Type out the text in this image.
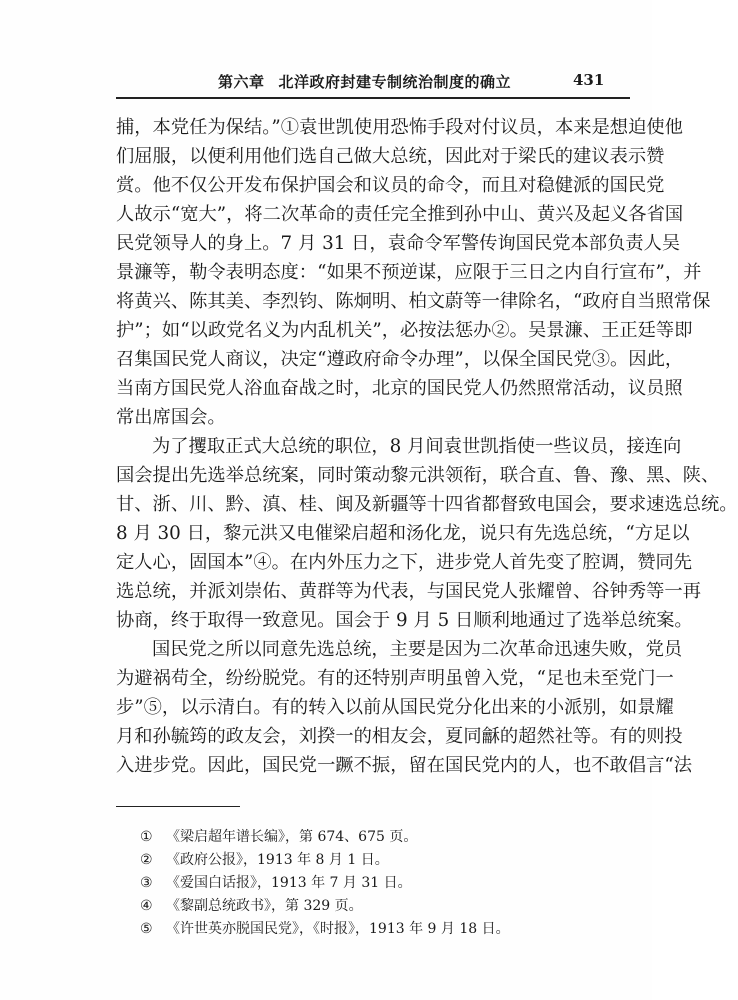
第六章 北洋政府封建专制统治制度的确立	431
捕，本党任为保结。”①袁世凯使用恐怖手段对付议员，本来是想迫使他
们屈服，以便利用他们选自己做大总统，因此对于梁氏的建议表示赞
赏。他不仅公开发布保护国会和议员的命令，而且对稳健派的国民党
人故示“宽大”，将二次革命的责任完全推到孙中山、黄兴及起义各省国
民党领导人的身上。7 月 31 日，袁命令军警传询国民党本部负责人吴
景濂等，勒令表明态度：“如果不预逆谋，应限于三日之内自行宣布”，并
将黄兴、陈其美、李烈钧、陈炯明、柏文蔚等一律除名，“政府自当照常保
护”；如“以政党名义为内乱机关”，必按法惩办②。吴景濂、王正廷等即
召集国民党人商议，决定“遵政府命令办理”，以保全国民党③。因此，
当南方国民党人浴血奋战之时，北京的国民党人仍然照常活动，议员照
常出席国会。
为了攫取正式大总统的职位，8 月间袁世凯指使一些议员，接连向
国会提出先选举总统案，同时策动黎元洪领衔，联合直、鲁、豫、黑、陕、
甘、浙、川、黔、滇、桂、闽及新疆等十四省都督致电国会，要求速选总统。
8 月 30 日，黎元洪又电催梁启超和汤化龙，说只有先选总统，“方足以
定人心，固国本”④。在内外压力之下，进步党人首先变了腔调，赞同先
选总统，并派刘崇佑、黄群等为代表，与国民党人张耀曾、谷钟秀等一再
协商，终于取得一致意见。国会于 9 月 5 日顺利地通过了选举总统案。
国民党之所以同意先选总统，主要是因为二次革命迅速失败，党员
为避祸苟全，纷纷脱党。有的还特别声明虽曾入党，“足也未至党门一
步”⑤，以示清白。有的转入以前从国民党分化出来的小派别，如景耀
月和孙毓筠的政友会，刘揆一的相友会，夏同龢的超然社等。有的则投
入进步党。因此，国民党一蹶不振，留在国民党内的人，也不敢倡言“法
① 《梁启超年谱长编》，第 674、675 页。
② 《政府公报》，1913 年 8 月 1 日。
③ 《爱国白话报》，1913 年 7 月 31 日。
④ 《黎副总统政书》，第 329 页。
⑤ 《许世英亦脱国民党》，《时报》，1913 年 9 月 18 日。
